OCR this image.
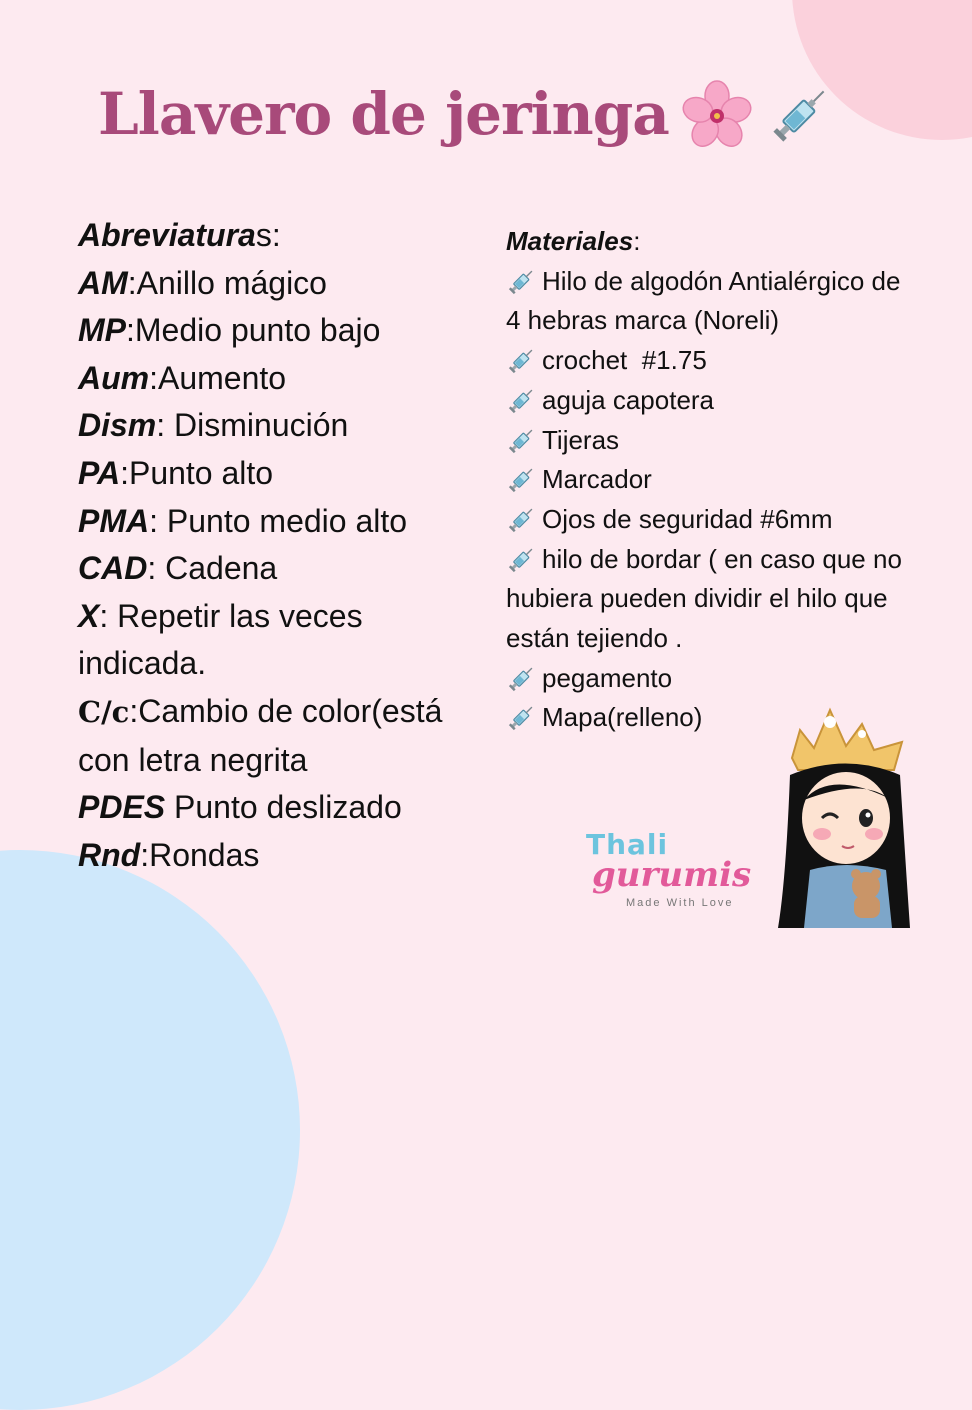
Llavero de jeringa
Abreviaturas:
AM:Anillo mágico
MP:Medio punto bajo
Aum:Aumento
Dism: Disminución
PA:Punto alto
PMA: Punto medio alto
CAD: Cadena
X: Repetir las veces indicada.
C/c:Cambio de color(está con letra negrita
PDES Punto deslizado
Rnd:Rondas
Materiales:
Hilo de algodón Antialérgico de
4 hebras marca (Noreli)
crochet  #1.75
aguja capotera
Tijeras
Marcador
Ojos de seguridad #6mm
hilo de bordar ( en caso que no hubiera pueden dividir el hilo que están tejiendo .
pegamento
Mapa(relleno)
Thali
gurumis
Made With Love
